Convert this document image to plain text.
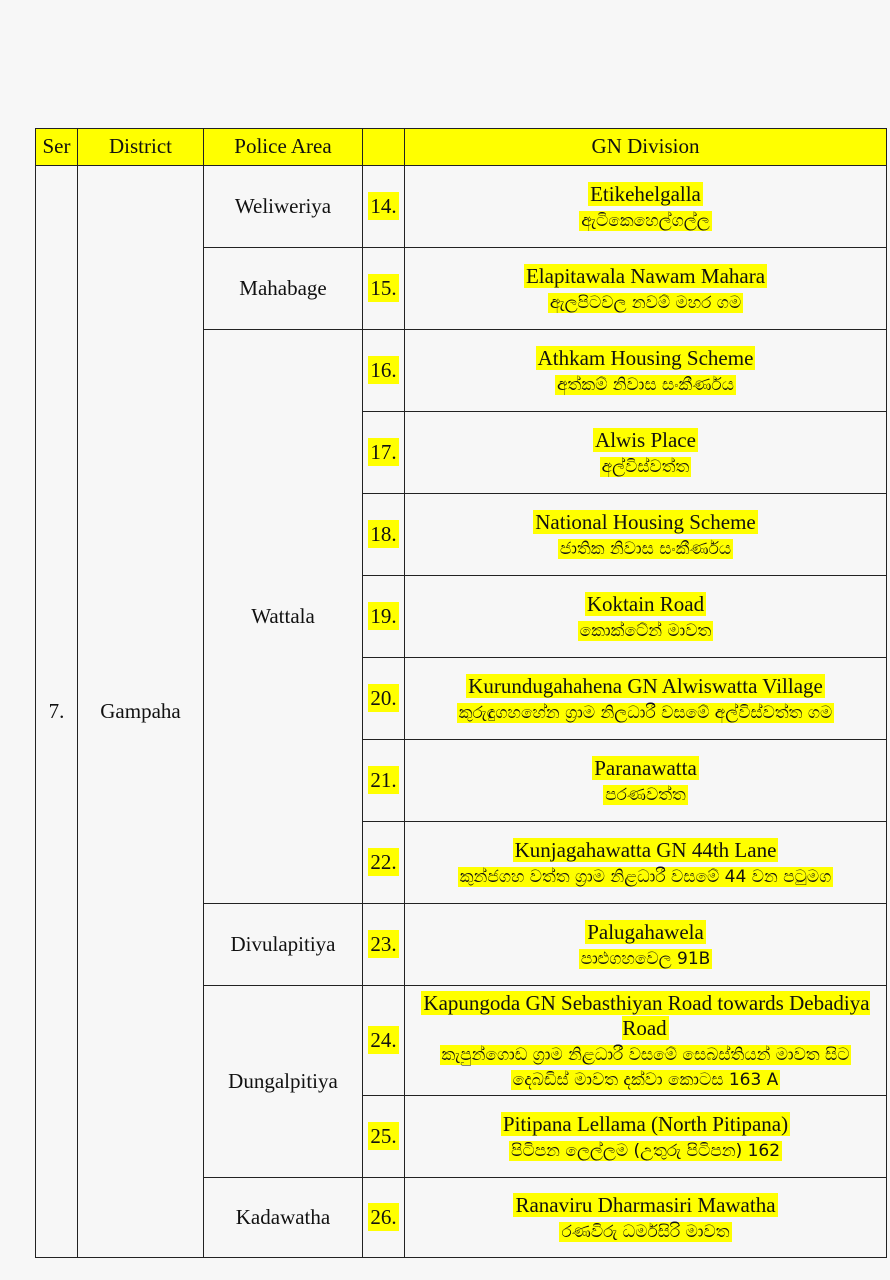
Ser	District	Police Area		GN Division
7.	Gampaha	Weliweriya	14.	Etikehelgalla
ඇටිකෙහෙල්ගල්ල

		Mahabage	15.	Elapitawala Nawam Mahara
ඇලපිටවල නවම් මහර ගම

		Wattala	16.	Athkam Housing Scheme
අත්කම් නිවාස සංකීර්ණය

			17.	Alwis Place
අල්විස්වත්ත

			18.	National Housing Scheme
ජාතික නිවාස සංකීර්ණය

			19.	Koktain Road
කොක්ටේන් මාවත

			20.	Kurundugahahena GN Alwiswatta Village
කුරුඳුගහහේන ග්‍රාම නිලධාරී වසමේ අල්විස්වත්ත ගම

			21.	Paranawatta
පරණවත්ත

			22.	Kunjagahawatta GN 44th Lane
කුන්ජගහ වත්ත ග්‍රාම නිළධාරී වසමේ 44 වන පටුමග

		Divulapitiya	23.	Palugahawela
පාළුගහවෙල 91B

		Dungalpitiya	24.	Kapungoda GN Sebasthiyan Road towards Debadiya Road
කැපුන්ගොඩ ග්‍රාම නිළධාරී වසමේ සෙබස්තියන් මාවත සිට
දෙබඩිස් මාවත දක්වා කොටස 163 A

			25.	Pitipana Lellama (North Pitipana)
පිටිපන ලෙල්ලම (උතුරු පිටිපන) 162

		Kadawatha	26.	Ranaviru Dharmasiri Mawatha
රණවිරු ධර්මසිරි මාවත
